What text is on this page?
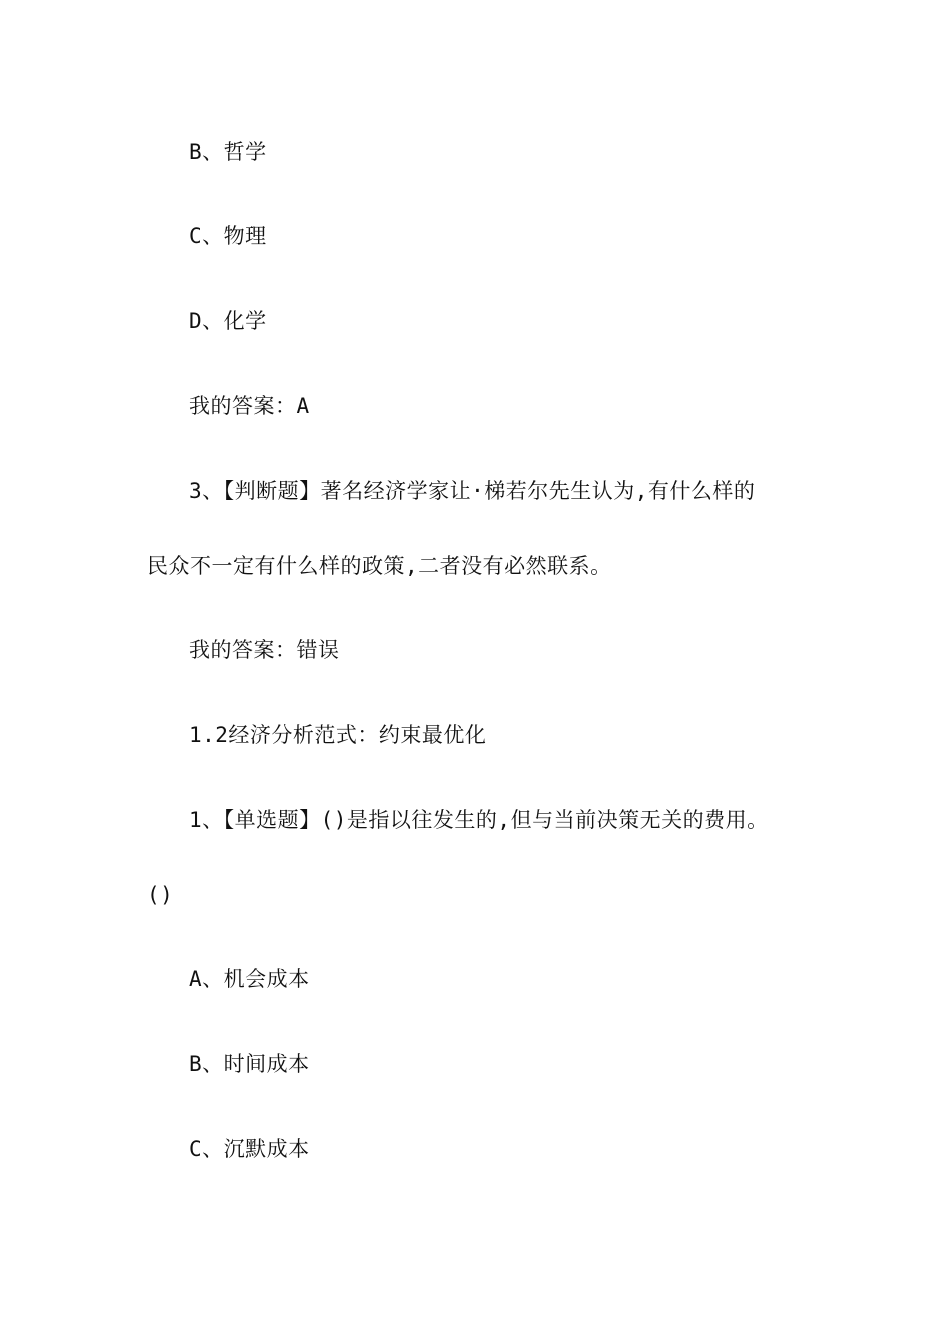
B、哲学
C、物理
D、化学
我的答案：A
3、【判断题】著名经济学家让·梯若尔先生认为,有什么样的
民众不一定有什么样的政策,二者没有必然联系。
我的答案：错误
1.2经济分析范式：约束最优化
1、【单选题】()是指以往发生的,但与当前决策无关的费用。
()
A、机会成本
B、时间成本
C、沉默成本
